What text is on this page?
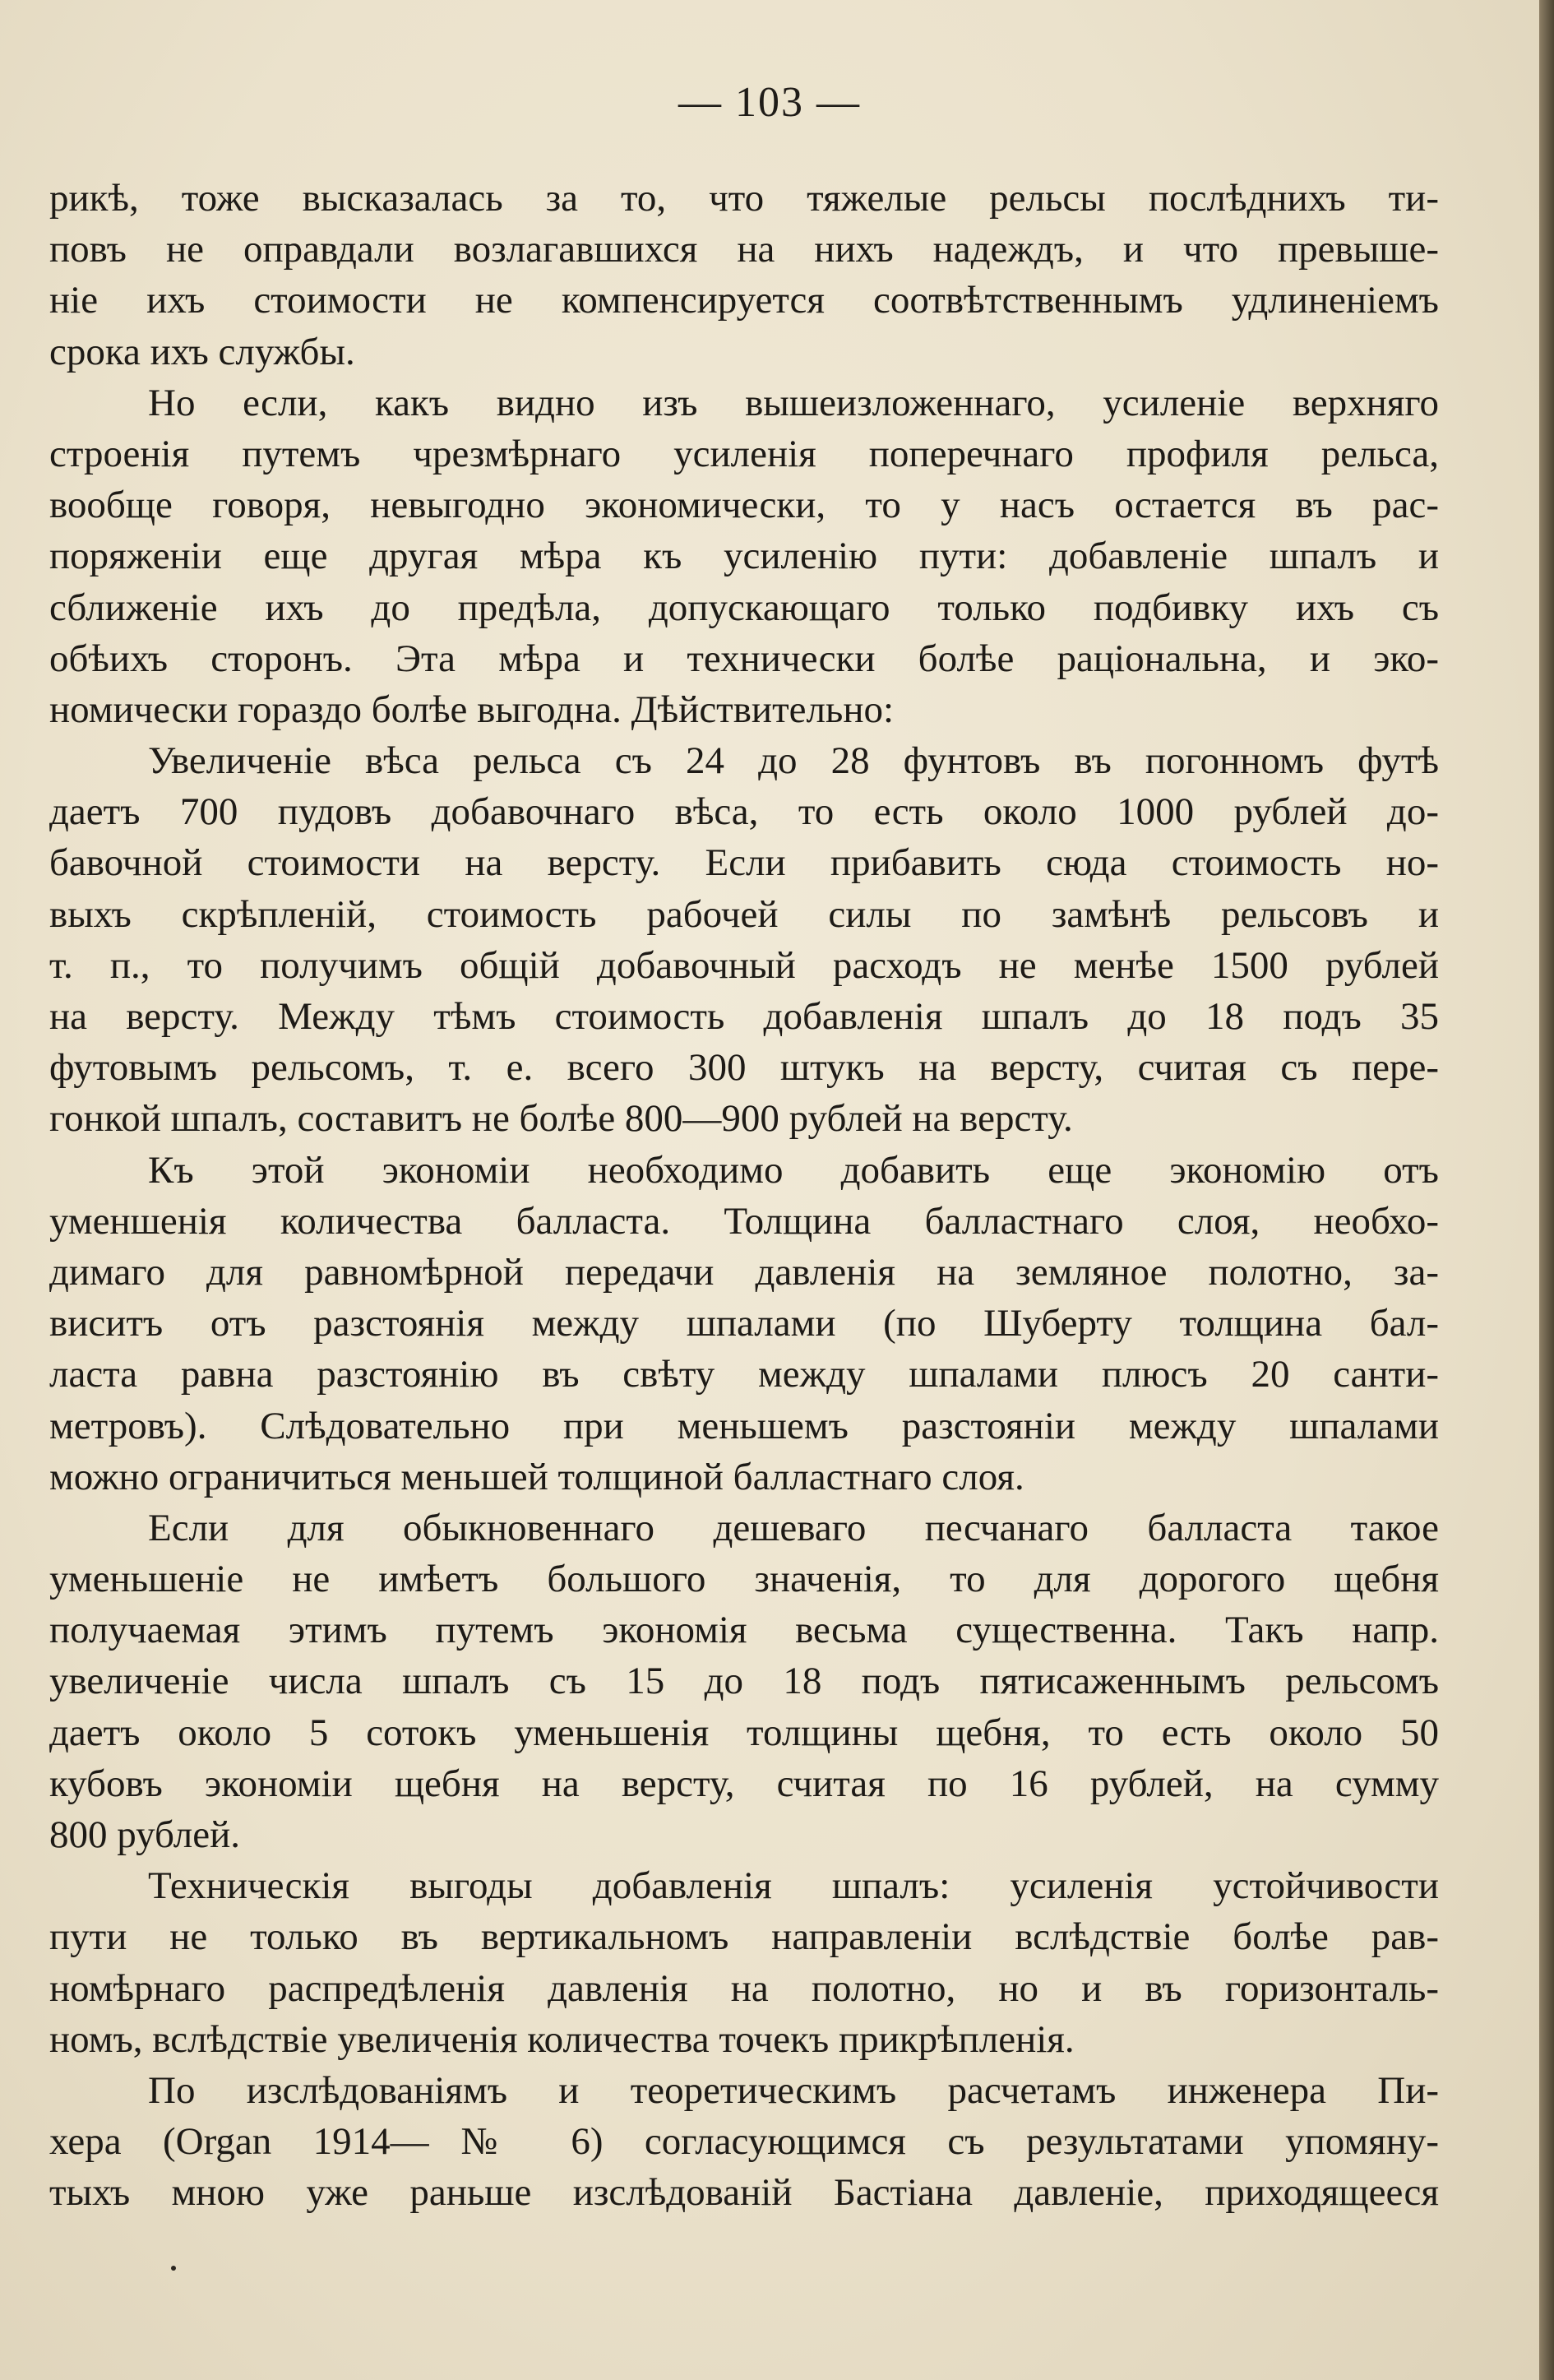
— 103 —
рикѣ, тоже высказалась за то, что тяжелые рельсы послѣднихъ ти-
повъ не оправдали возлагавшихся на нихъ надеждъ, и что превыше-
ніе ихъ стоимости не компенсируется соотвѣтственнымъ удлиненіемъ
срока ихъ службы.
Но если, какъ видно изъ вышеизложеннаго, усиленіе верхняго
строенія путемъ чрезмѣрнаго усиленія поперечнаго профиля рельса,
вообще говоря, невыгодно экономически, то у насъ остается въ рас-
поряженіи еще другая мѣра къ усиленію пути: добавленіе шпалъ и
сближеніе ихъ до предѣла, допускающаго только подбивку ихъ съ
обѣихъ сторонъ. Эта мѣра и технически болѣе раціональна, и эко-
номически гораздо болѣе выгодна. Дѣйствительно:
Увеличеніе вѣса рельса съ 24 до 28 фунтовъ въ погонномъ футѣ
даетъ 700 пудовъ добавочнаго вѣса, то есть около 1000 рублей до-
бавочной стоимости на версту. Если прибавить сюда стоимость но-
выхъ скрѣпленій, стоимость рабочей силы по замѣнѣ рельсовъ и
т. п., то получимъ общій добавочный расходъ не менѣе 1500 рублей
на версту. Между тѣмъ стоимость добавленія шпалъ до 18 подъ 35
футовымъ рельсомъ, т. е. всего 300 штукъ на версту, считая съ пере-
гонкой шпалъ, составитъ не болѣе 800—900 рублей на версту.
Къ этой экономіи необходимо добавить еще экономію отъ
уменшенія количества балласта. Толщина балластнаго слоя, необхо-
димаго для равномѣрной передачи давленія на земляное полотно, за-
виситъ отъ разстоянія между шпалами (по Шуберту толщина бал-
ласта равна разстоянію въ свѣту между шпалами плюсъ 20 санти-
метровъ). Слѣдовательно при меньшемъ разстояніи между шпалами
можно ограничиться меньшей толщиной балластнаго слоя.
Если для обыкновеннаго дешеваго песчанаго балласта такое
уменьшеніе не имѣетъ большого значенія, то для дорогого щебня
получаемая этимъ путемъ экономія весьма существенна. Такъ напр.
увеличеніе числа шпалъ съ 15 до 18 подъ пятисаженнымъ рельсомъ
даетъ около 5 сотокъ уменьшенія толщины щебня, то есть около 50
кубовъ экономіи щебня на версту, считая по 16 рублей, на сумму
800 рублей.
Техническія выгоды добавленія шпалъ: усиленія устойчивости
пути не только въ вертикальномъ направленіи вслѣдствіе болѣе рав-
номѣрнаго распредѣленія давленія на полотно, но и въ горизонталь-
номъ, вслѣдствіе увеличенія количества точекъ прикрѣпленія.
По изслѣдованіямъ и теоретическимъ расчетамъ инженера Пи-
хера (Organ 1914—№ 6) согласующимся съ результатами упомяну-
тыхъ мною уже раньше изслѣдованій Бастіана давленіе, приходящееся
